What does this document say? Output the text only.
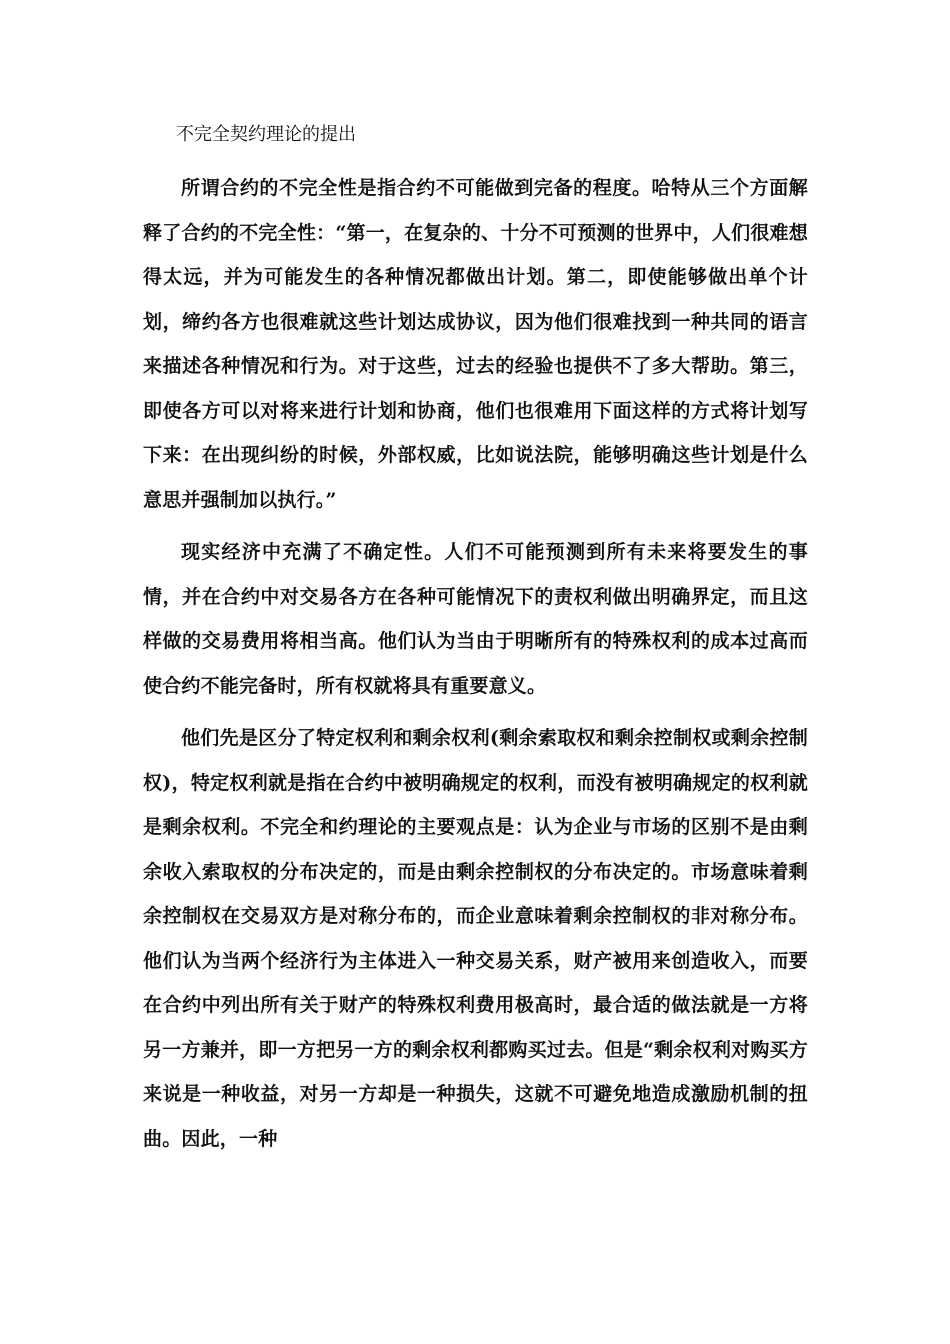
不完全契约理论的提出

所谓合约的不完全性是指合约不可能做到完备的程度。哈特从三个方面解释了合约的不完全性：“第一，在复杂的、十分不可预测的世界中，人们很难想得太远，并为可能发生的各种情况都做出计划。第二，即使能够做出单个计划，缔约各方也很难就这些计划达成协议，因为他们很难找到一种共同的语言来描述各种情况和行为。对于这些，过去的经验也提供不了多大帮助。第三，即使各方可以对将来进行计划和协商，他们也很难用下面这样的方式将计划写下来：在出现纠纷的时候，外部权威，比如说法院，能够明确这些计划是什么意思并强制加以执行。”

现实经济中充满了不确定性。人们不可能预测到所有未来将要发生的事情，并在合约中对交易各方在各种可能情况下的责权利做出明确界定，而且这样做的交易费用将相当高。他们认为当由于明晰所有的特殊权利的成本过高而使合约不能完备时，所有权就将具有重要意义。

他们先是区分了特定权利和剩余权利(剩余索取权和剩余控制权或剩余控制权)，特定权利就是指在合约中被明确规定的权利，而没有被明确规定的权利就是剩余权利。不完全和约理论的主要观点是：认为企业与市场的区别不是由剩余收入索取权的分布决定的，而是由剩余控制权的分布决定的。市场意味着剩余控制权在交易双方是对称分布的，而企业意味着剩余控制权的非对称分布。他们认为当两个经济行为主体进入一种交易关系，财产被用来创造收入，而要在合约中列出所有关于财产的特殊权利费用极高时，最合适的做法就是一方将另一方兼并，即一方把另一方的剩余权利都购买过去。但是“剩余权利对购买方来说是一种收益，对另一方却是一种损失，这就不可避免地造成激励机制的扭曲。因此，一种
